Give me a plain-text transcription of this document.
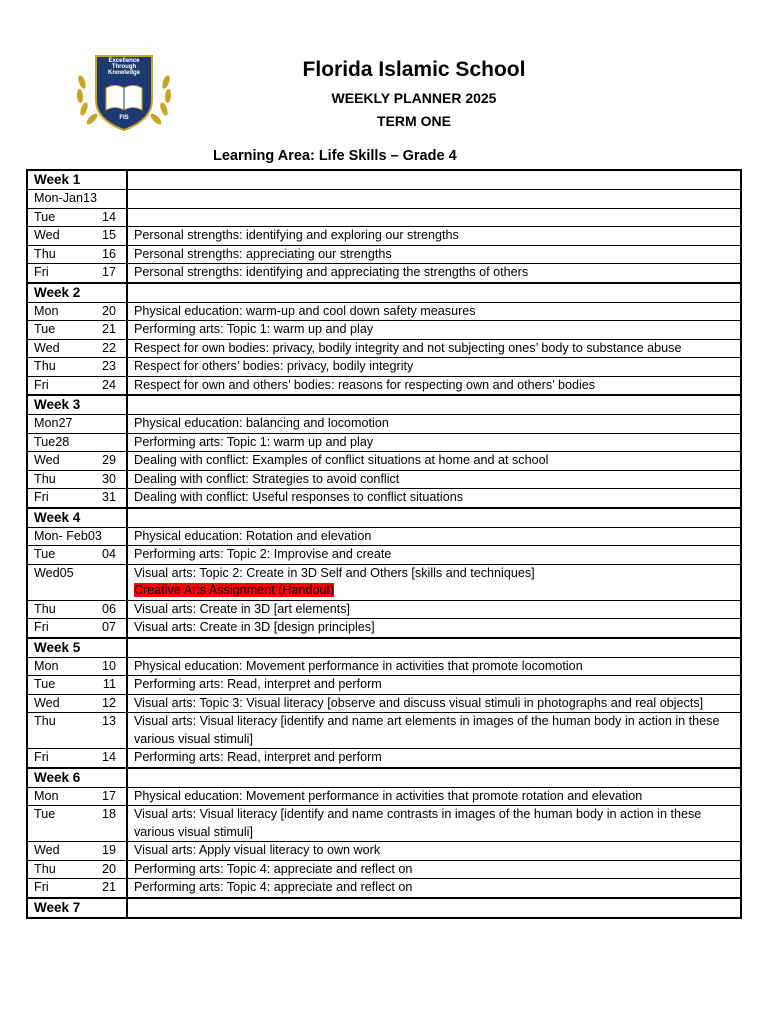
Excellence Through Knowledge
FIS
Florida Islamic School
WEEKLY PLANNER 2025
TERM ONE
Learning Area: Life Skills – Grade 4
Week 1	

Mon-Jan13	

Tue 14	

Wed 15	Personal strengths: identifying and exploring our strengths

Thu 16	Personal strengths: appreciating our strengths

Fri 17	Personal strengths: identifying and appreciating the strengths of others

Week 2	

Mon 20	Physical education: warm-up and cool down safety measures

Tue 21	Performing arts: Topic 1: warm up and play

Wed 22	Respect for own bodies: privacy, bodily integrity and not subjecting ones’ body to substance abuse

Thu 23	Respect for others’ bodies: privacy, bodily integrity

Fri 24	Respect for own and others’ bodies: reasons for respecting own and others’ bodies

Week 3	

Mon27	Physical education: balancing and locomotion

Tue28	Performing arts: Topic 1: warm up and play

Wed 29	Dealing with conflict: Examples of conflict situations at home and at school

Thu 30	Dealing with conflict: Strategies to avoid conflict

Fri 31	Dealing with conflict: Useful responses to conflict situations

Week 4	

Mon- Feb03	Physical education: Rotation and elevation

Tue 04	Performing arts: Topic 2: Improvise and create

Wed05	Visual arts: Topic 2: Create in 3D Self and Others [skills and techniques]
Creative Arts Assignment (Handout)

Thu 06	Visual arts: Create in 3D [art elements]

Fri 07	Visual arts: Create in 3D [design principles]

Week 5	

Mon 10	Physical education: Movement performance in activities that promote locomotion

Tue 11	Performing arts: Read, interpret and perform

Wed 12	Visual arts: Topic 3: Visual literacy [observe and discuss visual stimuli in photographs and real objects]

Thu 13	Visual arts: Visual literacy [identify and name art elements in images of the human body in action in these various visual stimuli]

Fri 14	Performing arts: Read, interpret and perform

Week 6	

Mon 17	Physical education: Movement performance in activities that promote rotation and elevation

Tue 18	Visual arts: Visual literacy [identify and name contrasts in images of the human body in action in these various visual stimuli]

Wed 19	Visual arts: Apply visual literacy to own work

Thu 20	Performing arts: Topic 4: appreciate and reflect on

Fri 21	Performing arts: Topic 4: appreciate and reflect on

Week 7	
